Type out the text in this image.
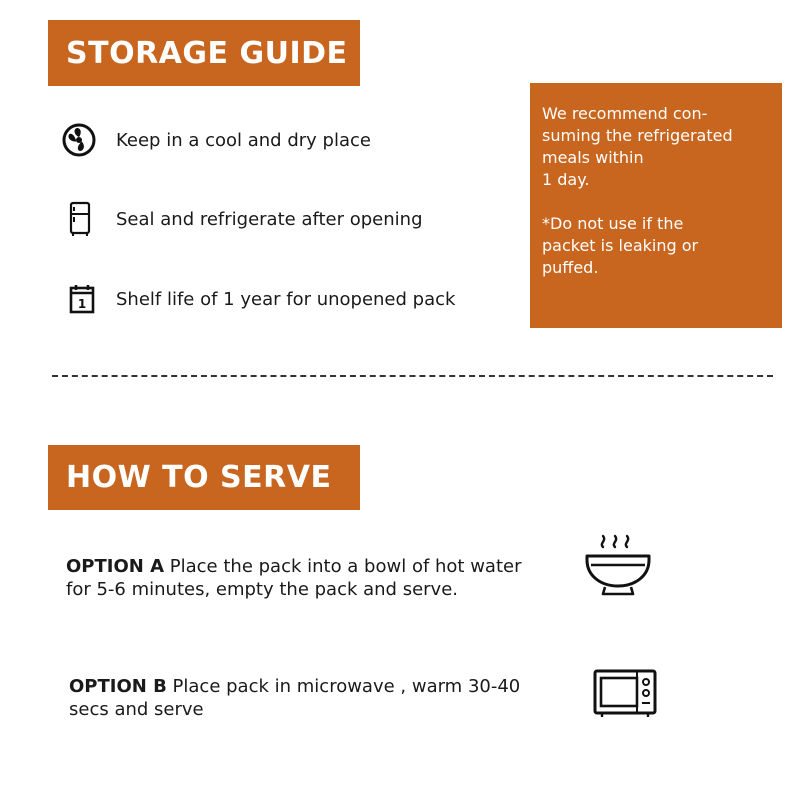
STORAGE GUIDE
Keep in a cool and dry place
Seal and refrigerate after opening
1 Shelf life of 1 year for unopened pack

We recommend con-
suming the refrigerated
meals within
1 day.

*Do not use if the
packet is leaking or
puffed.

HOW TO SERVE
OPTION A Place the pack into a bowl of hot water for 5-6 minutes, empty the pack and serve.
OPTION B Place pack in microwave , warm 30-40 secs and serve
